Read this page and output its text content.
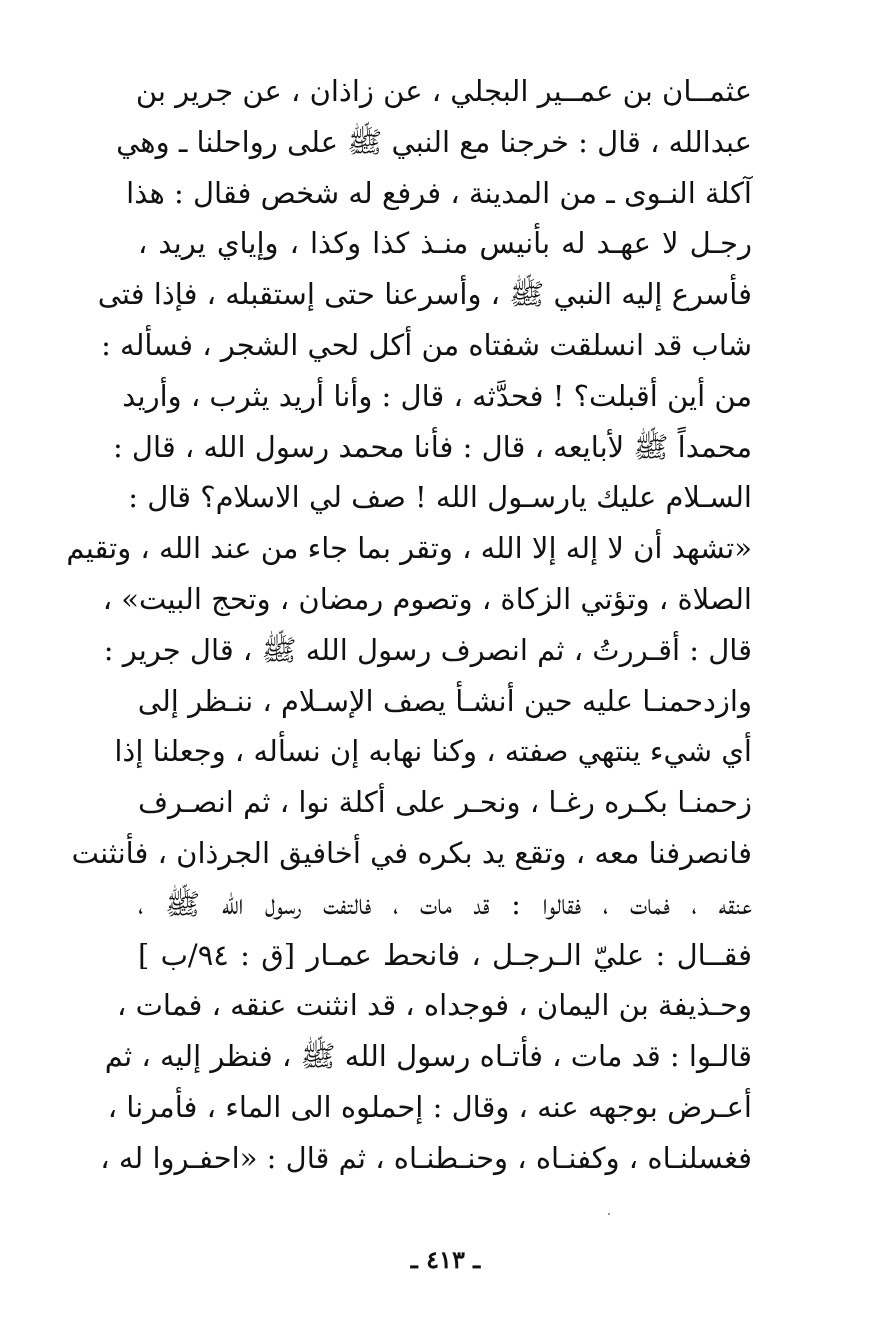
عثمــان بن عمــير البجلي ، عن زاذان ، عن جرير بن
عبدالله ، قال : خرجنا مع النبي ﷺ على رواحلنا ـ وهي
آكلة النـوى ـ من المدينة ، فرفع له شخص فقال : هذا
رجـل لا عهـد له بأنيس منـذ كذا وكذا ، وإياي يريد ،
فأسرع إليه النبي ﷺ ، وأسرعنا حتى إستقبله ، فإذا فتى
شاب قد انسلقت شفتاه من أكل لحي الشجر ، فسأله :
من أين أقبلت؟ ! فحدَّثه ، قال : وأنا أريد يثرب ، وأريد
محمداً ﷺ لأبايعه ، قال : فأنا محمد رسول الله ، قال :
السـلام عليك يارسـول الله ! صف لي الاسلام؟ قال :
«تشهد أن لا إله إلا الله ، وتقر بما جاء من عند الله ، وتقيم
الصلاة ، وتؤتي الزكاة ، وتصوم رمضان ، وتحج البيت» ،
قال : أقـررتُ ، ثم انصرف رسول الله ﷺ ، قال جرير :
وازدحمنـا عليه حين أنشـأ يصف الإسـلام ، ننـظر إلى
أي شيء ينتهي صفته ، وكنا نهابه إن نسأله ، وجعلنا إذا
زحمنـا بكـره رغـا ، ونحـر على أكلة نوا ، ثم انصـرف
فانصرفنا معه ، وتقع يد بكره في أخافيق الجرذان ، فأنثنت
عنقه ، فمات ، فقالوا : قد مات ، فالتفت رسول الله ﷺ ،
فقــال : عليّ الـرجـل ، فانحط عمـار [ق : ٩٤/ب ]
وحـذيفة بن اليمان ، فوجداه ، قد انثنت عنقه ، فمات ،
قالـوا : قد مات ، فأتـاه رسول الله ﷺ ، فنظر إليه ، ثم
أعـرض بوجهه عنه ، وقال : إحملوه الى الماء ، فأمرنا ،
فغسلنـاه ، وكفنـاه ، وحنـطنـاه ، ثم قال : «احفـروا له ،
ـ ٤١٣ ـ
